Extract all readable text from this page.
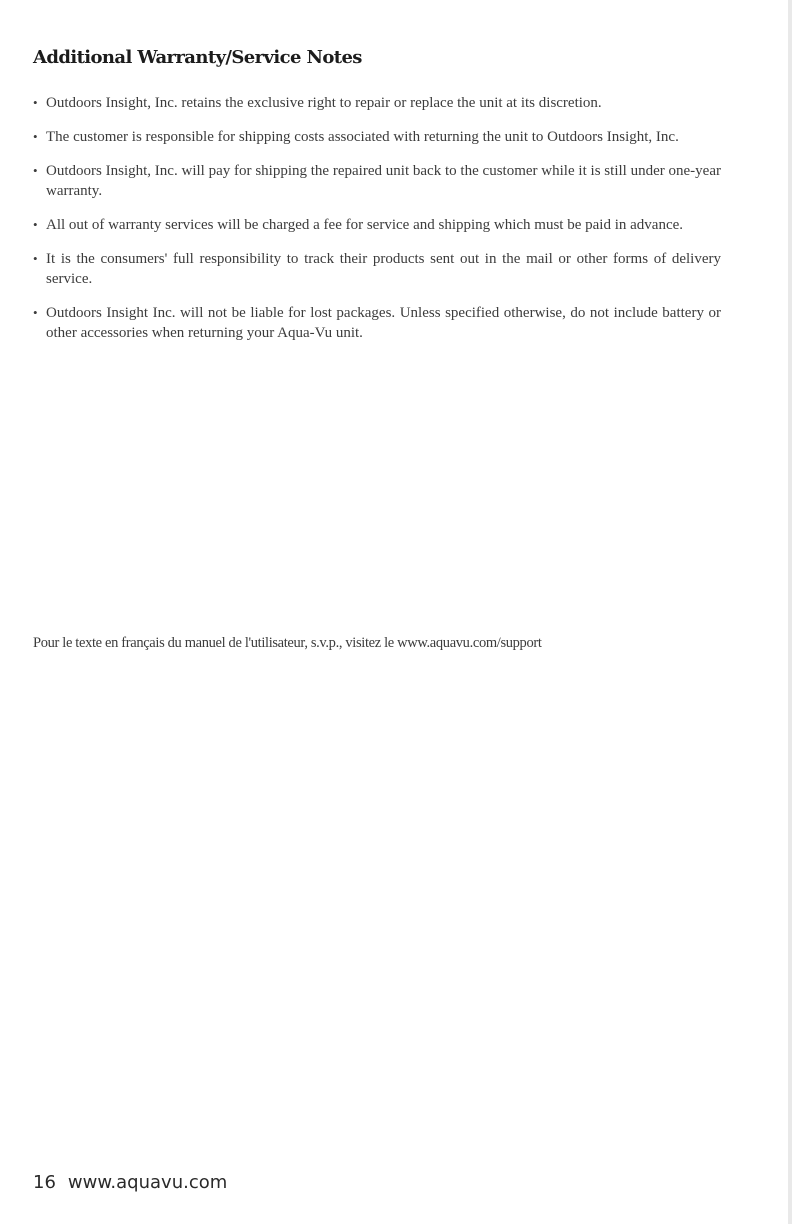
Additional Warranty/Service Notes
• Outdoors Insight, Inc. retains the exclusive right to repair or replace the unit at its discretion.
• The customer is responsible for shipping costs associated with returning the unit to Outdoors Insight, Inc.
• Outdoors Insight, Inc. will pay for shipping the repaired unit back to the customer while it is still under one-year warranty.
• All out of warranty services will be charged a fee for service and shipping which must be paid in advance.
• It is the consumers' full responsibility to track their products sent out in the mail or other forms of delivery service.
• Outdoors Insight Inc. will not be liable for lost packages. Unless specified otherwise, do not include battery or other accessories when returning your Aqua-Vu unit.

Pour le texte en français du manuel de l'utilisateur, s.v.p., visitez le www.aquavu.com/support

16 www.aquavu.com
